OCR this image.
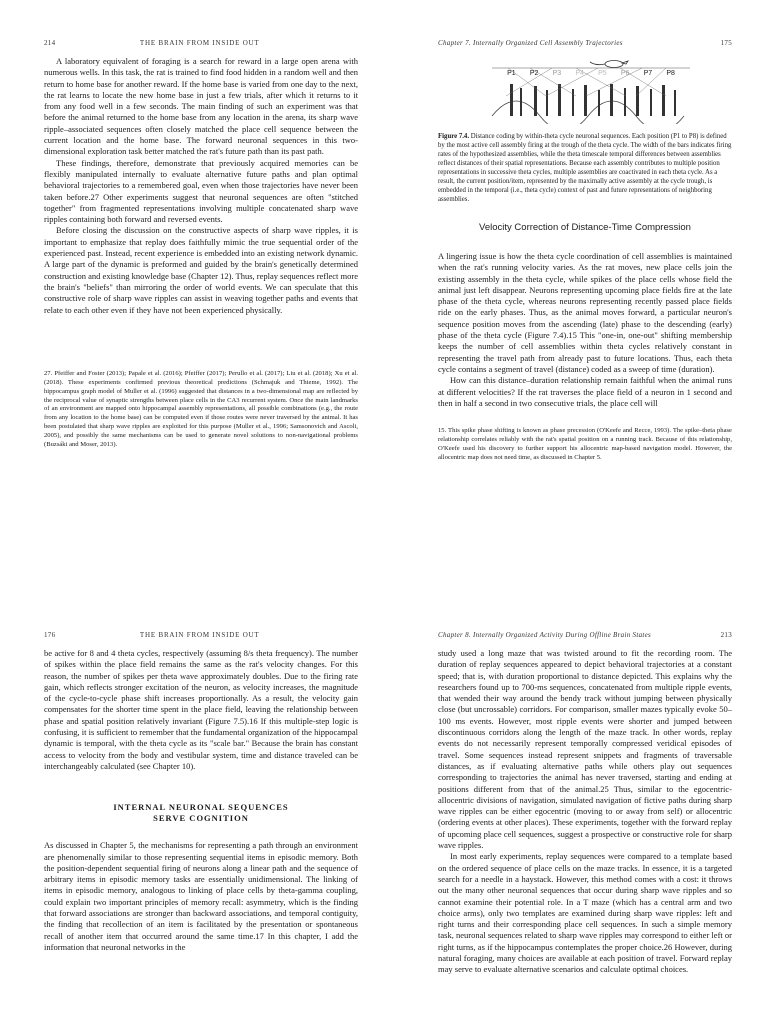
214	THE BRAIN FROM INSIDE OUT

A laboratory equivalent of foraging is a search for reward in a large open arena with numerous wells. In this task, the rat is trained to find food hidden in a random well and then return to home base for another reward. If the home base is varied from one day to the next, the rat learns to locate the new home base in just a few trials, after which it returns to it from any food well in a few seconds. The main finding of such an experiment was that before the animal returned to the home base from any location in the arena, its sharp wave ripple–associated sequences often closely matched the place cell sequence between the current location and the home base. The forward neuronal sequences in this two-dimensional exploration task better matched the rat's future path than its past path.

These findings, therefore, demonstrate that previously acquired memories can be flexibly manipulated internally to evaluate alternative future paths and plan optimal behavioral trajectories to a remembered goal, even when those trajectories have never been taken before.27 Other experiments suggest that neuronal sequences are often "stitched together" from fragmented representations involving multiple concatenated sharp wave ripples containing both forward and reversed events.

Before closing the discussion on the constructive aspects of sharp wave ripples, it is important to emphasize that replay does faithfully mimic the true sequential order of the experienced past. Instead, recent experience is embedded into an existing network dynamic. A large part of the dynamic is preformed and guided by the brain's genetically determined construction and existing knowledge base (Chapter 12). Thus, replay sequences reflect more the brain's "beliefs" than mirroring the order of world events. We can speculate that this constructive role of sharp wave ripples can assist in weaving together paths and events that relate to each other even if they have not been experienced physically.

27. Pfeiffer and Foster (2013); Papale et al. (2016); Pfeiffer (2017); Perullo et al. (2017); Liu et al. (2018); Xu et al. (2018). These experiments confirmed previous theoretical predictions (Schmajuk and Thieme, 1992). The hippocampus graph model of Muller et al. (1996) suggested that distances in a two-dimensional map are reflected by the reciprocal value of synaptic strengths between place cells in the CA3 recurrent system. Once the main landmarks of an environment are mapped onto hippocampal assembly representations, all possible combinations (e.g., the route from any location to the home base) can be computed even if those routes were never traversed by the animal. It has been postulated that sharp wave ripples are exploited for this purpose (Muller et al., 1996; Samsonovich and Ascoli, 2005), and possibly the same mechanisms can be used to generate novel solutions to non-navigational problems (Buzsáki and Moser, 2013).

Chapter 7. Internally Organized Cell Assembly Trajectories	175
P1 P2 P3 P4 P5 P6 P7 P8
Figure 7.4. Distance coding by within-theta cycle neuronal sequences. Each position (P1 to P8) is defined by the most active cell assembly firing at the trough of the theta cycle. The width of the bars indicates firing rates of the hypothesized assemblies, while the theta timescale temporal differences between assemblies reflect distances of their spatial representations. Because each assembly contributes to multiple position representations in successive theta cycles, multiple assemblies are coactivated in each theta cycle. As a result, the current position/item, represented by the maximally active assembly at the cycle trough, is embedded in the temporal (i.e., theta cycle) context of past and future representations of neighboring assemblies.
Velocity Correction of Distance-Time Compression

A lingering issue is how the theta cycle coordination of cell assemblies is maintained when the rat's running velocity varies. As the rat moves, new place cells join the existing assembly in the theta cycle, while spikes of the place cells whose field the animal just left disappear. Neurons representing upcoming place fields fire at the late phase of the theta cycle, whereas neurons representing recently passed place fields ride on the early phases. Thus, as the animal moves forward, a particular neuron's sequence position moves from the ascending (late) phase to the descending (early) phase of the theta cycle (Figure 7.4).15 This "one-in, one-out" shifting membership keeps the number of cell assemblies within theta cycles relatively constant in representing the travel path from already past to future locations. Thus, each theta cycle contains a segment of travel (distance) coded as a sweep of time (duration).

How can this distance–duration relationship remain faithful when the animal runs at different velocities? If the rat traverses the place field of a neuron in 1 second and then in half a second in two consecutive trials, the place cell will

15. This spike phase shifting is known as phase precession (O'Keefe and Recce, 1993). The spike–theta phase relationship correlates reliably with the rat's spatial position on a running track. Because of this relationship, O'Keefe used his discovery to further support his allocentric map-based navigation model. However, the allocentric map does not need time, as discussed in Chapter 5.

176	THE BRAIN FROM INSIDE OUT

be active for 8 and 4 theta cycles, respectively (assuming 8/s theta frequency). The number of spikes within the place field remains the same as the rat's velocity changes. For this reason, the number of spikes per theta wave approximately doubles. Due to the firing rate gain, which reflects stronger excitation of the neuron, as velocity increases, the magnitude of the cycle-to-cycle phase shift increases proportionally. As a result, the velocity gain compensates for the shorter time spent in the place field, leaving the relationship between phase and spatial position relatively invariant (Figure 7.5).16 If this multiple-step logic is confusing, it is sufficient to remember that the fundamental organization of the hippocampal dynamic is temporal, with the theta cycle as its "scale bar." Because the brain has constant access to velocity from the body and vestibular system, time and distance traveled can be interchangeably calculated (see Chapter 10).

INTERNAL NEURONAL SEQUENCES
SERVE COGNITION

As discussed in Chapter 5, the mechanisms for representing a path through an environment are phenomenally similar to those representing sequential items in episodic memory. Both the position-dependent sequential firing of neurons along a linear path and the sequence of arbitrary items in episodic memory tasks are essentially unidimensional. The linking of items in episodic memory, analogous to linking of place cells by theta-gamma coupling, could explain two important principles of memory recall: asymmetry, which is the finding that forward associations are stronger than backward associations, and temporal contiguity, the finding that recollection of an item is facilitated by the presentation or spontaneous recall of another item that occurred around the same time.17 In this chapter, I add the information that neuronal networks in the

Chapter 8. Internally Organized Activity During Offline Brain States	213

study used a long maze that was twisted around to fit the recording room. The duration of replay sequences appeared to depict behavioral trajectories at a constant speed; that is, with duration proportional to distance depicted. This explains why the researchers found up to 700-ms sequences, concatenated from multiple ripple events, that wended their way around the bendy track without jumping between physically close (but uncrossable) corridors. For comparison, smaller mazes typically evoke 50–100 ms events. However, most ripple events were shorter and jumped between discontinuous corridors along the length of the maze track. In other words, replay events do not necessarily represent temporally compressed veridical episodes of travel. Some sequences instead represent snippets and fragments of traversable distances, as if evaluating alternative paths while others play out sequences corresponding to trajectories the animal has never traversed, starting and ending at positions different from that of the animal.25 Thus, similar to the egocentric-allocentric divisions of navigation, simulated navigation of fictive paths during sharp wave ripples can be either egocentric (moving to or away from self) or allocentric (ordering events at other places). These experiments, together with the forward replay of upcoming place cell sequences, suggest a prospective or constructive role for sharp wave ripples.

In most early experiments, replay sequences were compared to a template based on the ordered sequence of place cells on the maze tracks. In essence, it is a targeted search for a needle in a haystack. However, this method comes with a cost: it throws out the many other neuronal sequences that occur during sharp wave ripples and so cannot examine their potential role. In a T maze (which has a central arm and two choice arms), only two templates are examined during sharp wave ripples: left and right turns and their corresponding place cell sequences. In such a simple memory task, neuronal sequences related to sharp wave ripples may correspond to either left or right turns, as if the hippocampus contemplates the proper choice.26 However, during natural foraging, many choices are available at each position of travel. Forward replay may serve to evaluate alternative scenarios and calculate optimal choices.
